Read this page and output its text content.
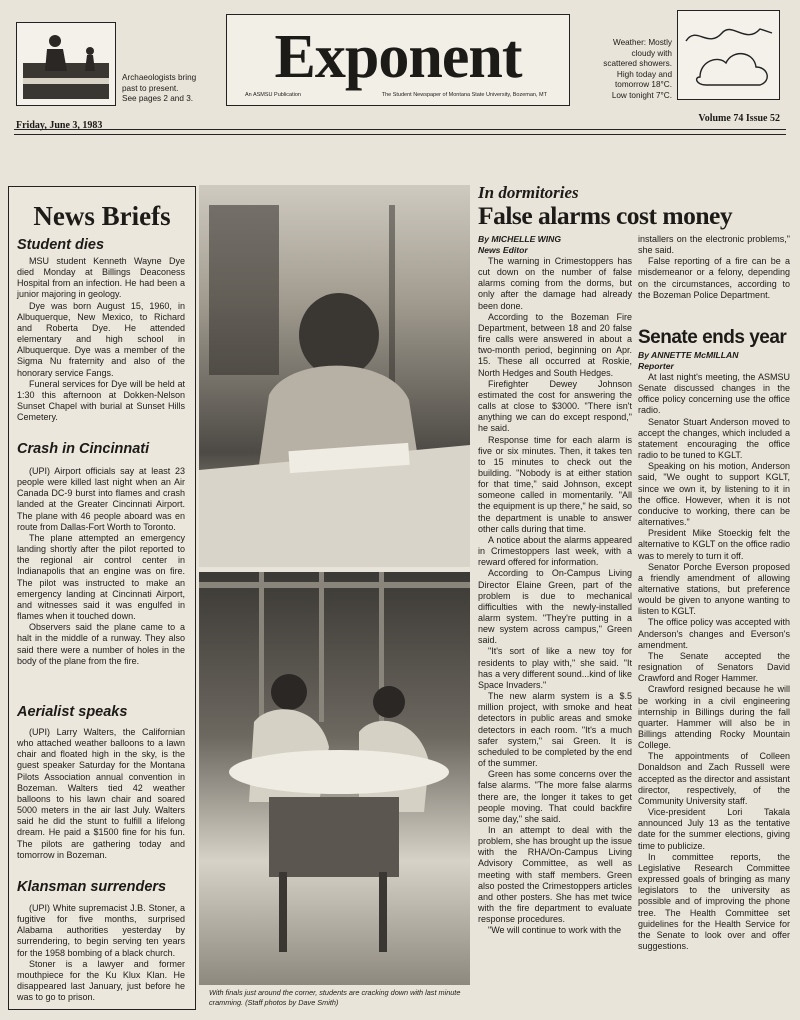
Archaeologists bring
past to present.
See pages 2 and 3.
Exponent
An ASMSU Publication	The Student Newspaper of Montana State University, Bozeman, MT
Weather: Mostly
cloudy with
scattered showers.
High today and
tomorrow 18°C.
Low tonight 7°C.
Friday, June 3, 1983
Volume 74 Issue 52
News Briefs
Student dies

MSU student Kenneth Wayne Dye died Monday at Billings Deaconess Hospital from an infection. He had been a junior majoring in geology.

Dye was born August 15, 1960, in Albuquerque, New Mexico, to Richard and Roberta Dye. He attended elementary and high school in Albuquerque. Dye was a member of the Sigma Nu fraternity and also of the honorary service Fangs.

Funeral services for Dye will be held at 1:30 this afternoon at Dokken-Nelson Sunset Chapel with burial at Sunset Hills Cemetery.

Crash in Cincinnati

(UPI) Airport officials say at least 23 people were killed last night when an Air Canada DC-9 burst into flames and crash landed at the Greater Cincinnati Airport. The plane with 46 people aboard was en route from Dallas-Fort Worth to Toronto.

The plane attempted an emergency landing shortly after the pilot reported to the regional air control center in Indianapolis that an engine was on fire. The pilot was instructed to make an emergency landing at Cincinnati Airport, and witnesses said it was engulfed in flames when it touched down.

Observers said the plane came to a halt in the middle of a runway. They also said there were a number of holes in the body of the plane from the fire.

Aerialist speaks

(UPI) Larry Walters, the Californian who attached weather balloons to a lawn chair and floated high in the sky, is the guest speaker Saturday for the Montana Pilots Association annual convention in Bozeman. Walters tied 42 weather balloons to his lawn chair and soared 5000 meters in the air last July. Walters said he did the stunt to fulfill a lifelong dream. He paid a $1500 fine for his fun. The pilots are gathering today and tomorrow in Bozeman.

Klansman surrenders

(UPI) White supremacist J.B. Stoner, a fugitive for five months, surprised Alabama authorities yesterday by surrendering, to begin serving ten years for the 1958 bombing of a black church.

Stoner is a lawyer and former mouthpiece for the Ku Klux Klan. He disappeared last January, just before he was to go to prison.	With finals just around the corner, students are cracking down with last minute cramming. (Staff photos by Dave Smith)
In dormitories
False alarms cost money
By MICHELLE WING
News Editor

The warning in Crimestoppers has cut down on the number of false alarms coming from the dorms, but only after the damage had already been done.

According to the Bozeman Fire Department, between 18 and 20 false fire calls were answered in about a two-month period, beginning on Apr. 15. These all occurred at Roskie, North Hedges and South Hedges.

Firefighter Dewey Johnson estimated the cost for answering the calls at close to $3000. "There isn't anything we can do except respond," he said.

Response time for each alarm is five or six minutes. Then, it takes ten to 15 minutes to check out the building. "Nobody is at either station for that time," said Johnson, except someone called in momentarily. "All the equipment is up there," he said, so the department is unable to answer other calls during that time.

A notice about the alarms appeared in Crimestoppers last week, with a reward offered for information.

According to On-Campus Living Director Elaine Green, part of the problem is due to mechanical difficulties with the newly-installed alarm system. "They're putting in a new system across campus," Green said.

"It's sort of like a new toy for residents to play with," she said. "It has a very different sound...kind of like Space Invaders."

The new alarm system is a $.5 million project, with smoke and heat detectors in public areas and smoke detectors in each room. "It's a much safer system," sai Green. It is scheduled to be completed by the end of the summer.

Green has some concerns over the false alarms. "The more false alarms there are, the longer it takes to get people moving. That could backfire some day," she said.

In an attempt to deal with the problem, she has brought up the issue with the RHA/On-Campus Living Advisory Committee, as well as meeting with staff members. Green also posted the Crimestoppers articles and other posters. She has met twice with the fire department to evaluate response procedures.

"We will continue to work with the

installers on the electronic problems," she said.

False reporting of a fire can be a misdemeanor or a felony, depending on the circumstances, according to the Bozeman Police Department.

Senate ends year
By ANNETTE McMILLAN
Reporter

At last night's meeting, the ASMSU Senate discussed changes in the office policy concerning use the office radio.

Senator Stuart Anderson moved to accept the changes, which included a statement encouraging the office radio to be tuned to KGLT.

Speaking on his motion, Anderson said, "We ought to support KGLT, since we own it, by listening to it in the office. However, when it is not conducive to working, there can be alternatives."

President Mike Stoeckig felt the alternative to KGLT on the office radio was to merely to turn it off.

Senator Porche Everson proposed a friendly amendment of allowing alternative stations, but preference would be given to anyone wanting to listen to KGLT.

The office policy was accepted with Anderson's changes and Everson's amendment.

The Senate accepted the resignation of Senators David Crawford and Roger Hammer.

Crawford resigned because he will be working in a civil engineering internship in Billings during the fall quarter. Hammer will also be in Billings attending Rocky Mountain College.

The appointments of Colleen Donaldson and Zach Russell were accepted as the director and assistant director, respectively, of the Community University staff.

Vice-president Lori Takala announced July 13 as the tentative date for the summer elections, giving time to publicize.

In committee reports, the Legislative Research Committee expressed goals of bringing as many legislators to the university as possible and of improving the phone tree. The Health Committee set guidelines for the Health Service for the Senate to look over and offer suggestions.
